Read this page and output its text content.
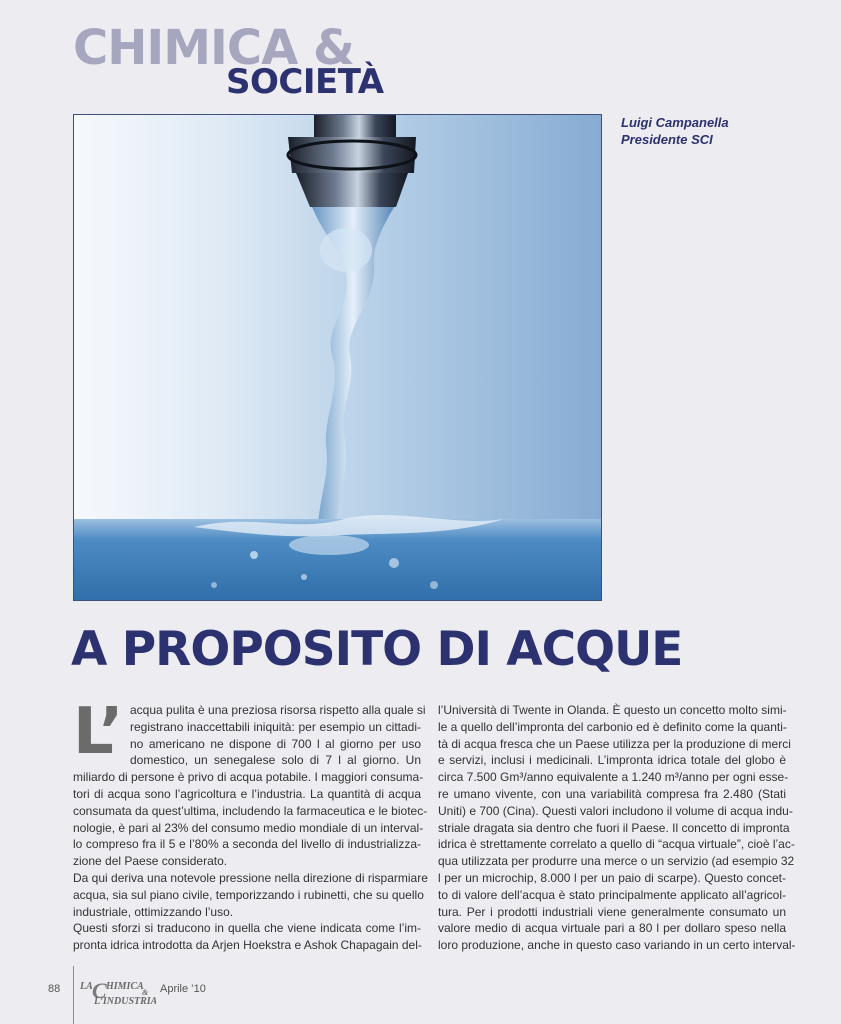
CHIMICA &
SOCIETÀ
Luigi Campanella
Presidente SCI
A PROPOSITO DI ACQUE
L’ acqua pulita è una preziosa risorsa rispetto alla quale si
registrano inaccettabili iniquità: per esempio un cittadi-
no americano ne dispone di 700 l al giorno per uso
domestico, un senegalese solo di 7 l al giorno. Un
miliardo di persone è privo di acqua potabile. I maggiori consuma-
tori di acqua sono l’agricoltura e l’industria. La quantità di acqua
consumata da quest’ultima, includendo la farmaceutica e le biotec-
nologie, è pari al 23% del consumo medio mondiale di un interval-
lo compreso fra il 5 e l’80% a seconda del livello di industrializza-
zione del Paese considerato.
Da qui deriva una notevole pressione nella direzione di risparmiare
acqua, sia sul piano civile, temporizzando i rubinetti, che su quello
industriale, ottimizzando l’uso.
Questi sforzi si traducono in quella che viene indicata come l’im-
pronta idrica introdotta da Arjen Hoekstra e Ashok Chapagain del-
l’Università di Twente in Olanda. È questo un concetto molto simi-
le a quello dell’impronta del carbonio ed è definito come la quanti-
tà di acqua fresca che un Paese utilizza per la produzione di merci
e servizi, inclusi i medicinali. L’impronta idrica totale del globo è
circa 7.500 Gm³/anno equivalente a 1.240 m³/anno per ogni esse-
re umano vivente, con una variabilità compresa fra 2.480 (Stati
Uniti) e 700 (Cina). Questi valori includono il volume di acqua indu-
striale dragata sia dentro che fuori il Paese. Il concetto di impronta
idrica è strettamente correlato a quello di “acqua virtuale”, cioè l’ac-
qua utilizzata per produrre una merce o un servizio (ad esempio 32
l per un microchip, 8.000 l per un paio di scarpe). Questo concet-
to di valore dell’acqua è stato principalmente applicato all’agricol-
tura. Per i prodotti industriali viene generalmente consumato un
valore medio di acqua virtuale pari a 80 l per dollaro speso nella
loro produzione, anche in questo caso variando in un certo interval-
88 LA C HIMICA
&
L’INDUSTRIA
Aprile ’10
